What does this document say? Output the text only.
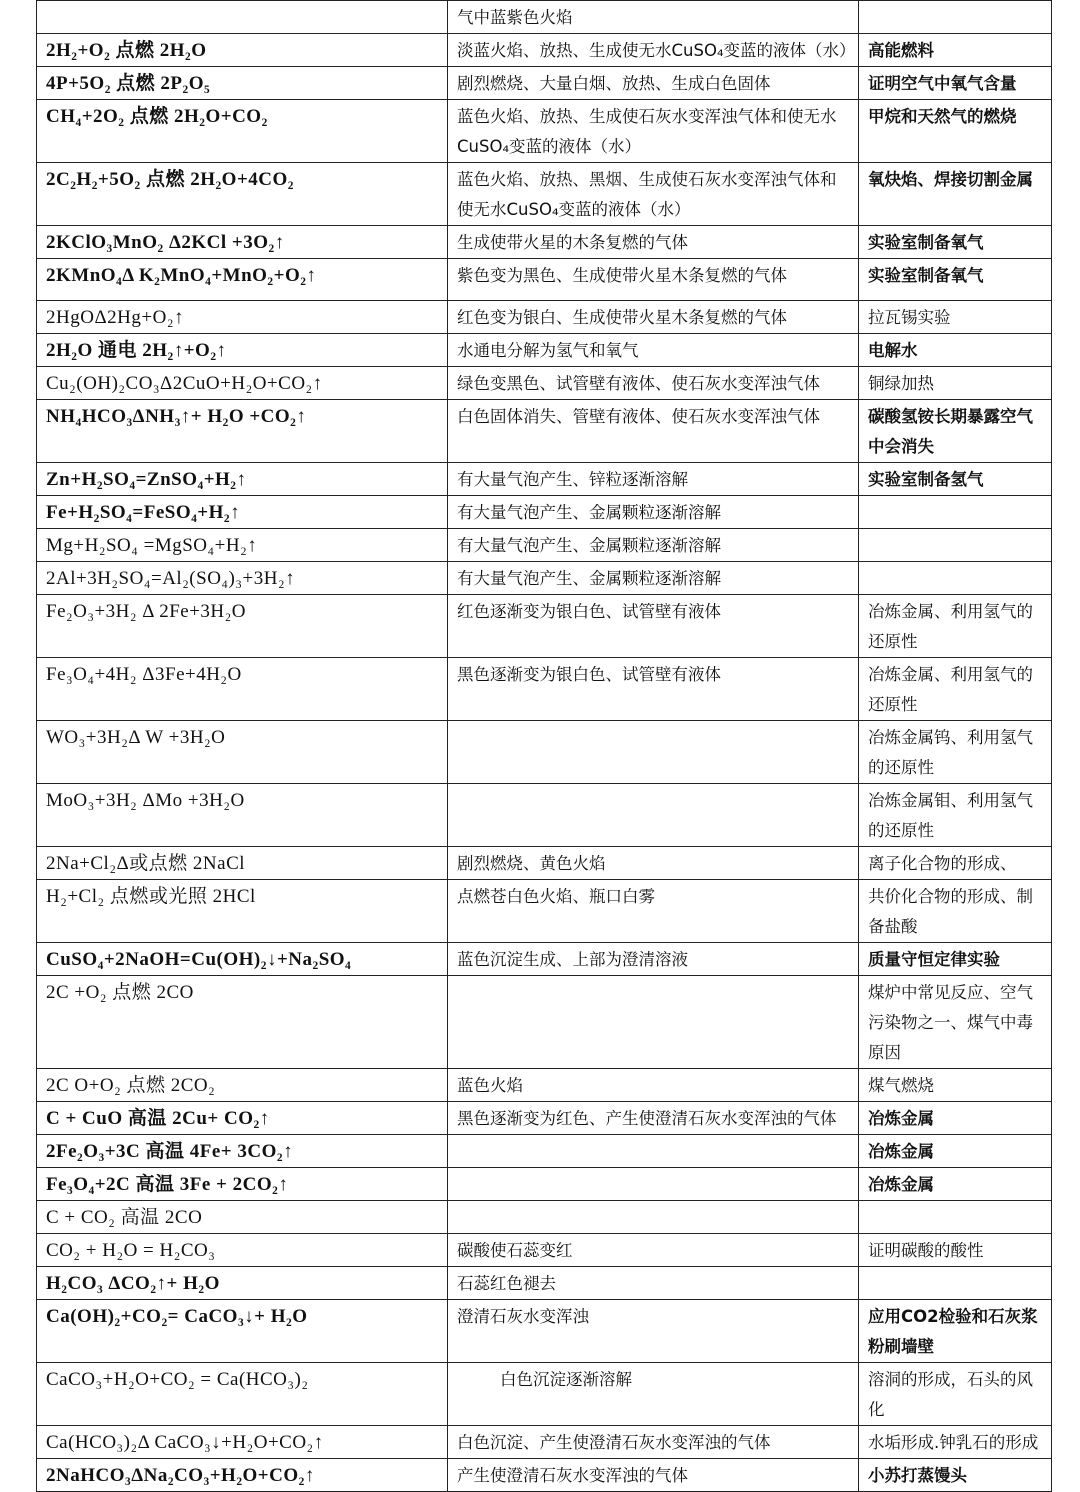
	气中蓝紫色火焰	
2H₂+O₂ 点燃 2H₂O	淡蓝火焰、放热、生成使无水CuSO₄变蓝的液体（水）	高能燃料
4P+5O₂ 点燃 2P₂O₅	剧烈燃烧、大量白烟、放热、生成白色固体	证明空气中氧气含量
CH₄+2O₂ 点燃 2H₂O+CO₂	蓝色火焰、放热、生成使石灰水变浑浊气体和使无水CuSO₄变蓝的液体（水）	甲烷和天然气的燃烧
2C₂H₂+5O₂ 点燃 2H₂O+4CO₂	蓝色火焰、放热、黑烟、生成使石灰水变浑浊气体和使无水CuSO₄变蓝的液体（水）	氧炔焰、焊接切割金属
2KClO₃MnO₂ Δ2KCl +3O₂↑	生成使带火星的木条复燃的气体	实验室制备氧气
2KMnO₄Δ K₂MnO₄+MnO₂+O₂↑	紫色变为黑色、生成使带火星木条复燃的气体	实验室制备氧气
2HgOΔ2Hg+O₂↑	红色变为银白、生成使带火星木条复燃的气体	拉瓦锡实验
2H₂O 通电 2H₂↑+O₂↑	水通电分解为氢气和氧气	电解水
Cu₂(OH)₂CO₃Δ2CuO+H₂O+CO₂↑	绿色变黑色、试管壁有液体、使石灰水变浑浊气体	铜绿加热
NH₄HCO₃ΔNH₃↑+ H₂O +CO₂↑	白色固体消失、管壁有液体、使石灰水变浑浊气体	碳酸氢铵长期暴露空气中会消失
Zn+H₂SO₄=ZnSO₄+H₂↑	有大量气泡产生、锌粒逐渐溶解	实验室制备氢气
Fe+H₂SO₄=FeSO₄+H₂↑	有大量气泡产生、金属颗粒逐渐溶解	
Mg+H₂SO₄ =MgSO₄+H₂↑	有大量气泡产生、金属颗粒逐渐溶解	
2Al+3H₂SO₄=Al₂(SO₄)₃+3H₂↑	有大量气泡产生、金属颗粒逐渐溶解	
Fe₂O₃+3H₂ Δ 2Fe+3H₂O	红色逐渐变为银白色、试管壁有液体	冶炼金属、利用氢气的还原性
Fe₃O₄+4H₂ Δ3Fe+4H₂O	黑色逐渐变为银白色、试管壁有液体	冶炼金属、利用氢气的还原性
WO₃+3H₂Δ W +3H₂O		冶炼金属钨、利用氢气的还原性
MoO₃+3H₂ ΔMo +3H₂O		冶炼金属钼、利用氢气的还原性
2Na+Cl₂Δ或点燃 2NaCl	剧烈燃烧、黄色火焰	离子化合物的形成、
H₂+Cl₂ 点燃或光照 2HCl	点燃苍白色火焰、瓶口白雾	共价化合物的形成、制备盐酸
CuSO₄+2NaOH=Cu(OH)₂↓+Na₂SO₄	蓝色沉淀生成、上部为澄清溶液	质量守恒定律实验
2C +O₂ 点燃 2CO		煤炉中常见反应、空气污染物之一、煤气中毒原因
2C O+O₂ 点燃 2CO₂	蓝色火焰	煤气燃烧
C + CuO 高温 2Cu+ CO₂↑	黑色逐渐变为红色、产生使澄清石灰水变浑浊的气体	冶炼金属
2Fe₂O₃+3C 高温 4Fe+ 3CO₂↑		冶炼金属
Fe₃O₄+2C 高温 3Fe + 2CO₂↑		冶炼金属
C + CO₂ 高温 2CO		
CO₂ + H₂O = H₂CO₃	碳酸使石蕊变红	证明碳酸的酸性
H₂CO₃ ΔCO₂↑+ H₂O	石蕊红色褪去	
Ca(OH)₂+CO₂= CaCO₃↓+ H₂O	澄清石灰水变浑浊	应用CO2检验和石灰浆粉刷墙壁
CaCO₃+H₂O+CO₂ = Ca(HCO₃)₂	白色沉淀逐渐溶解	溶洞的形成，石头的风化
Ca(HCO₃)₂Δ CaCO₃↓+H₂O+CO₂↑	白色沉淀、产生使澄清石灰水变浑浊的气体	水垢形成.钟乳石的形成
2NaHCO₃ΔNa₂CO₃+H₂O+CO₂↑	产生使澄清石灰水变浑浊的气体	小苏打蒸馒头
